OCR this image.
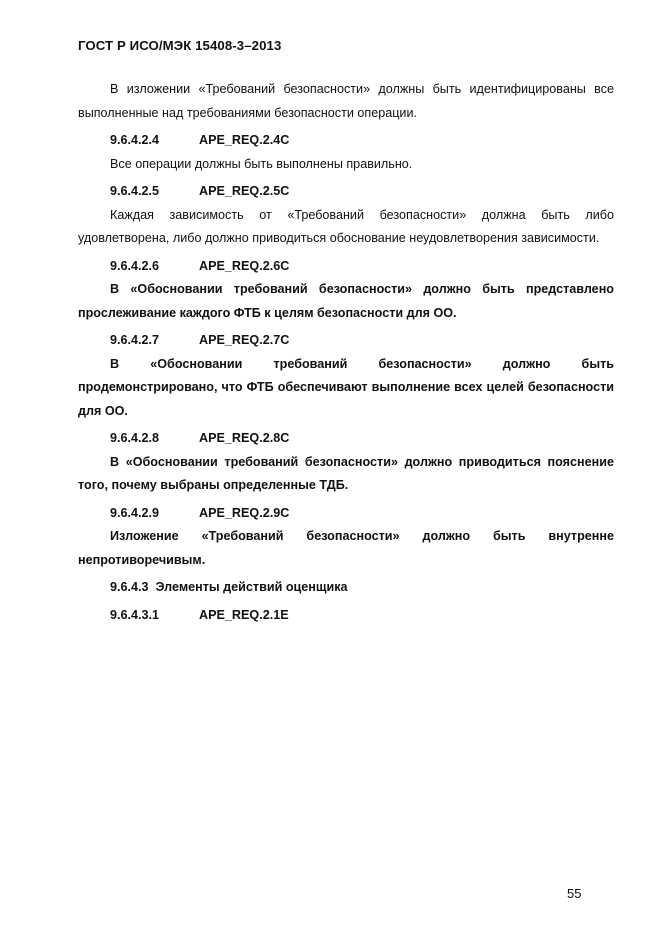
ГОСТ Р ИСО/МЭК 15408-3–2013

В изложении «Требований безопасности» должны быть идентифицированы все выполненные над требованиями безопасности операции.

9.6.4.2.4	APE_REQ.2.4C

Все операции должны быть выполнены правильно.

9.6.4.2.5	APE_REQ.2.5C

Каждая зависимость от «Требований безопасности» должна быть либо удовлетворена, либо должно приводиться обоснование неудовлетворения зависимости.

9.6.4.2.6	APE_REQ.2.6C

В «Обосновании требований безопасности» должно быть представлено прослеживание каждого ФТБ к целям безопасности для ОО.

9.6.4.2.7	APE_REQ.2.7C

В «Обосновании требований безопасности» должно быть продемонстрировано, что ФТБ обеспечивают выполнение всех целей безопасности для ОО.

9.6.4.2.8	APE_REQ.2.8C

В «Обосновании требований безопасности» должно приводиться пояснение того, почему выбраны определенные ТДБ.

9.6.4.2.9	APE_REQ.2.9C

Изложение «Требований безопасности» должно быть внутренне непротиворечивым.

9.6.4.3 Элементы действий оценщика
9.6.4.3.1	APE_REQ.2.1E
55
